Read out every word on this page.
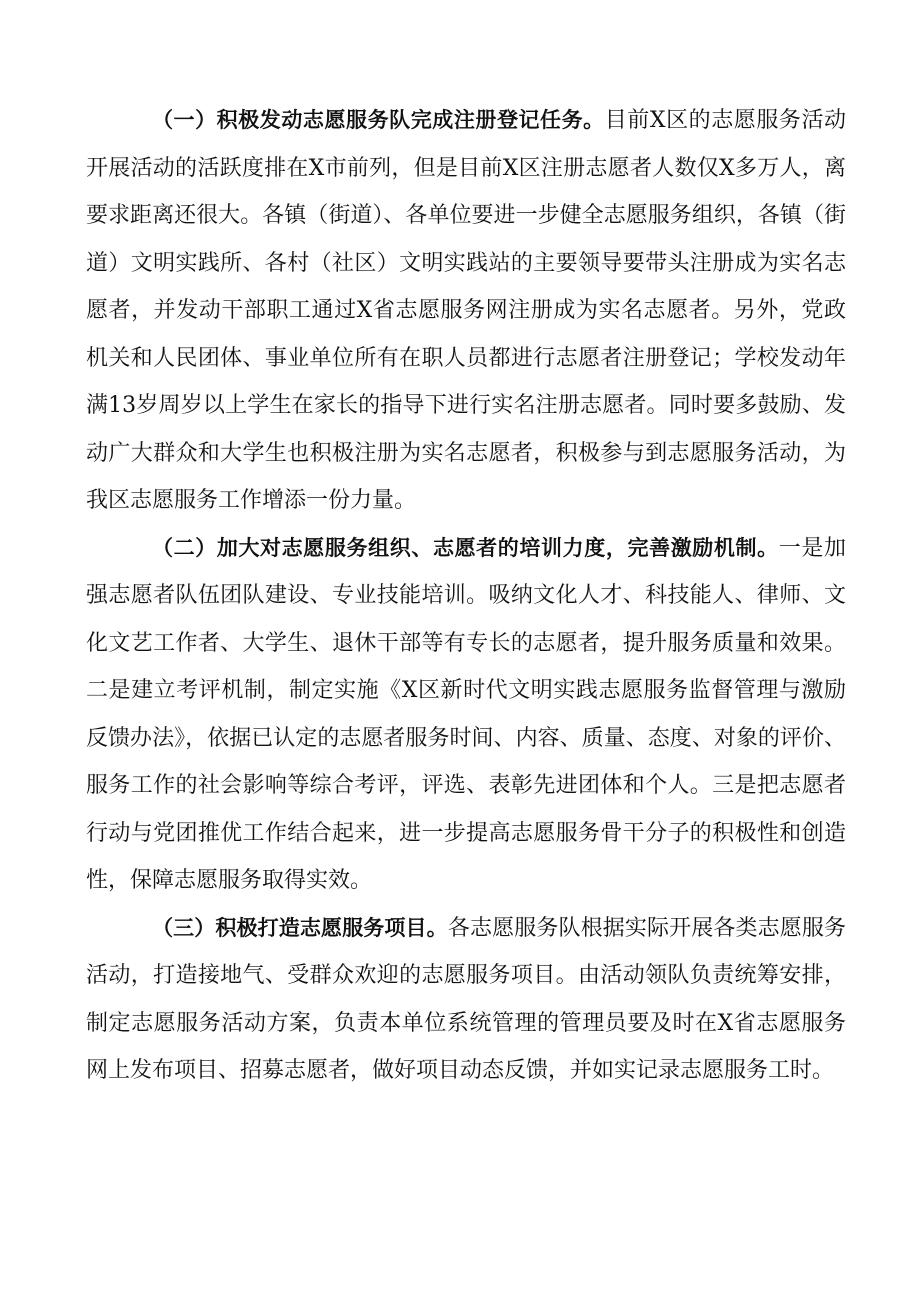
（一）积极发动志愿服务队完成注册登记任务。目前X区的志愿服务活动开展活动的活跃度排在X市前列，但是目前X区注册志愿者人数仅X多万人，离要求距离还很大。各镇（街道）、各单位要进一步健全志愿服务组织，各镇（街道）文明实践所、各村（社区）文明实践站的主要领导要带头注册成为实名志愿者，并发动干部职工通过X省志愿服务网注册成为实名志愿者。另外，党政机关和人民团体、事业单位所有在职人员都进行志愿者注册登记；学校发动年满13岁周岁以上学生在家长的指导下进行实名注册志愿者。同时要多鼓励、发动广大群众和大学生也积极注册为实名志愿者，积极参与到志愿服务活动，为我区志愿服务工作增添一份力量。

（二）加大对志愿服务组织、志愿者的培训力度，完善激励机制。一是加强志愿者队伍团队建设、专业技能培训。吸纳文化人才、科技能人、律师、文化文艺工作者、大学生、退休干部等有专长的志愿者，提升服务质量和效果。二是建立考评机制，制定实施《X区新时代文明实践志愿服务监督管理与激励反馈办法》，依据已认定的志愿者服务时间、内容、质量、态度、对象的评价、服务工作的社会影响等综合考评，评选、表彰先进团体和个人。三是把志愿者行动与党团推优工作结合起来，进一步提高志愿服务骨干分子的积极性和创造性，保障志愿服务取得实效。

（三）积极打造志愿服务项目。各志愿服务队根据实际开展各类志愿服务活动，打造接地气、受群众欢迎的志愿服务项目。由活动领队负责统筹安排，制定志愿服务活动方案，负责本单位系统管理的管理员要及时在X省志愿服务网上发布项目、招募志愿者，做好项目动态反馈，并如实记录志愿服务工时。
